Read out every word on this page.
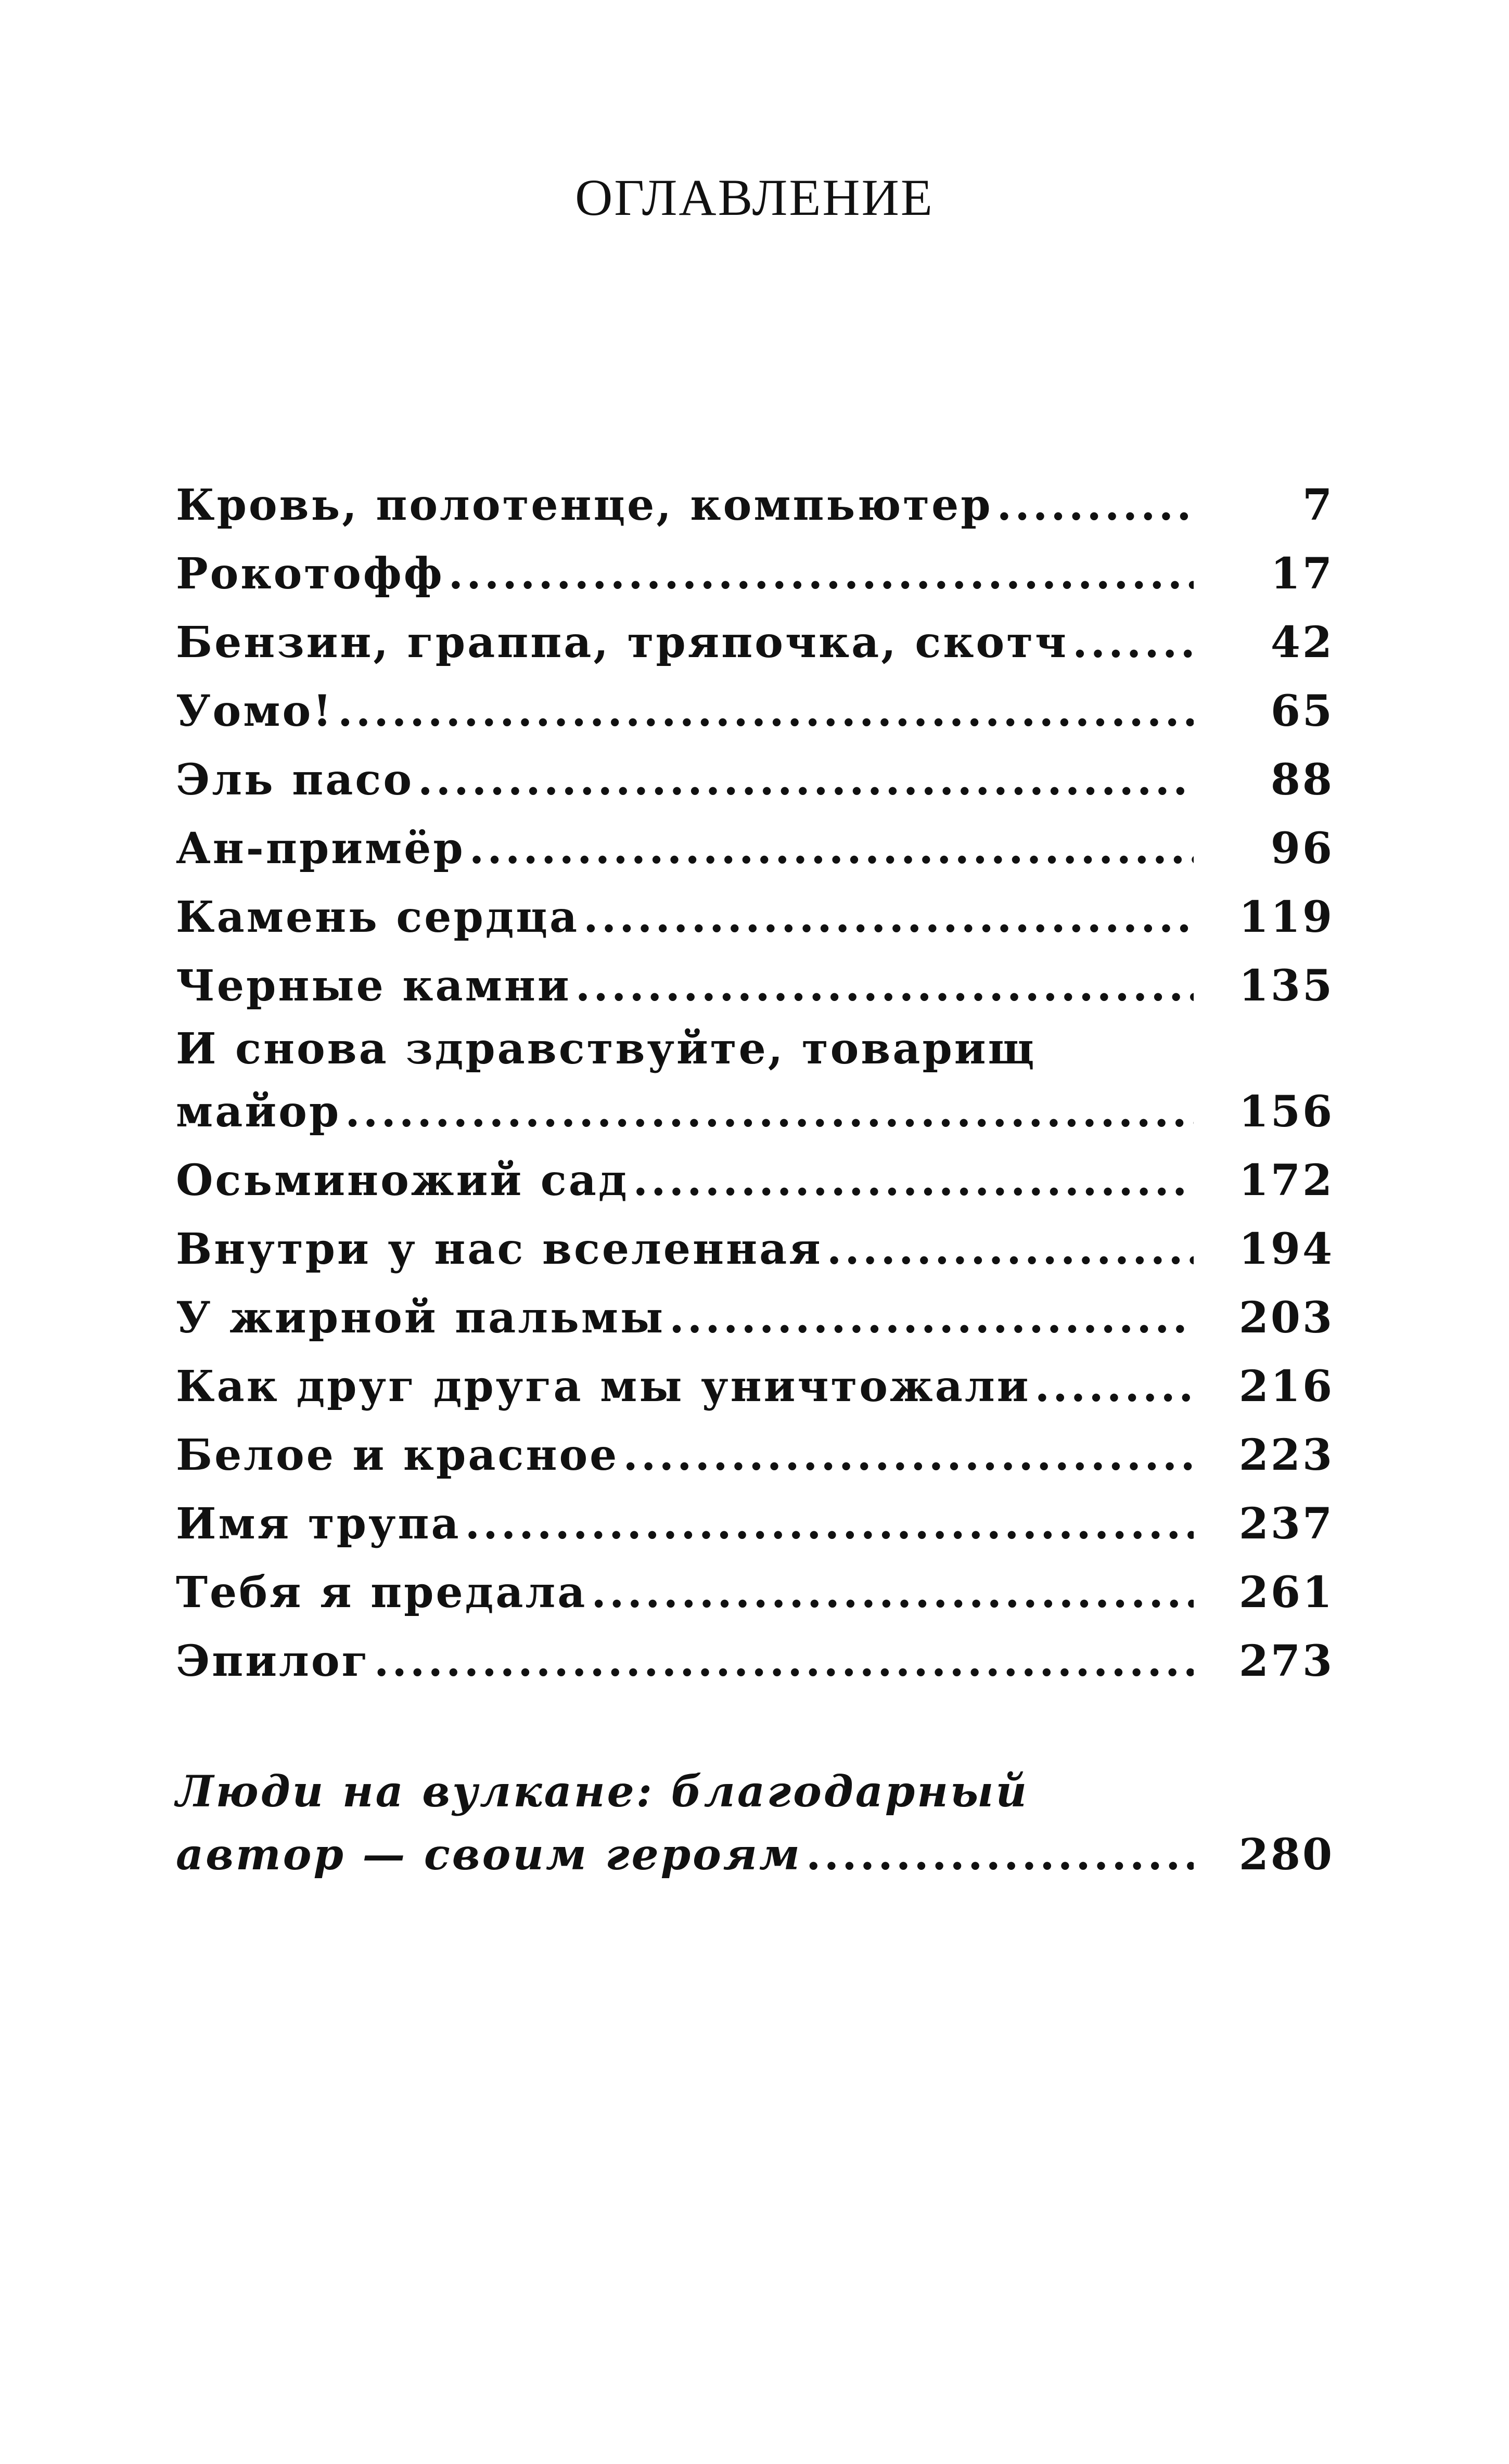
ОГЛАВЛЕНИЕ
Кровь, полотенце, компьютер .....	7
Рокотофф .....	17
Бензин, граппа, тряпочка, скотч .....	42
Уомо! .....	65
Эль пасо .....	88
Ан-примёр .....	96
Камень сердца .....	119
Черные камни .....	135
И снова здравствуйте, товарищ
майор .....	156
Осьминожий сад .....	172
Внутри у нас вселенная .....	194
У жирной пальмы .....	203
Как друг друга мы уничтожали .....	216
Белое и красное .....	223
Имя трупа .....	237
Тебя я предала .....	261
Эпилог .....	273
Люди на вулкане: благодарный
автор — своим героям .....	280
